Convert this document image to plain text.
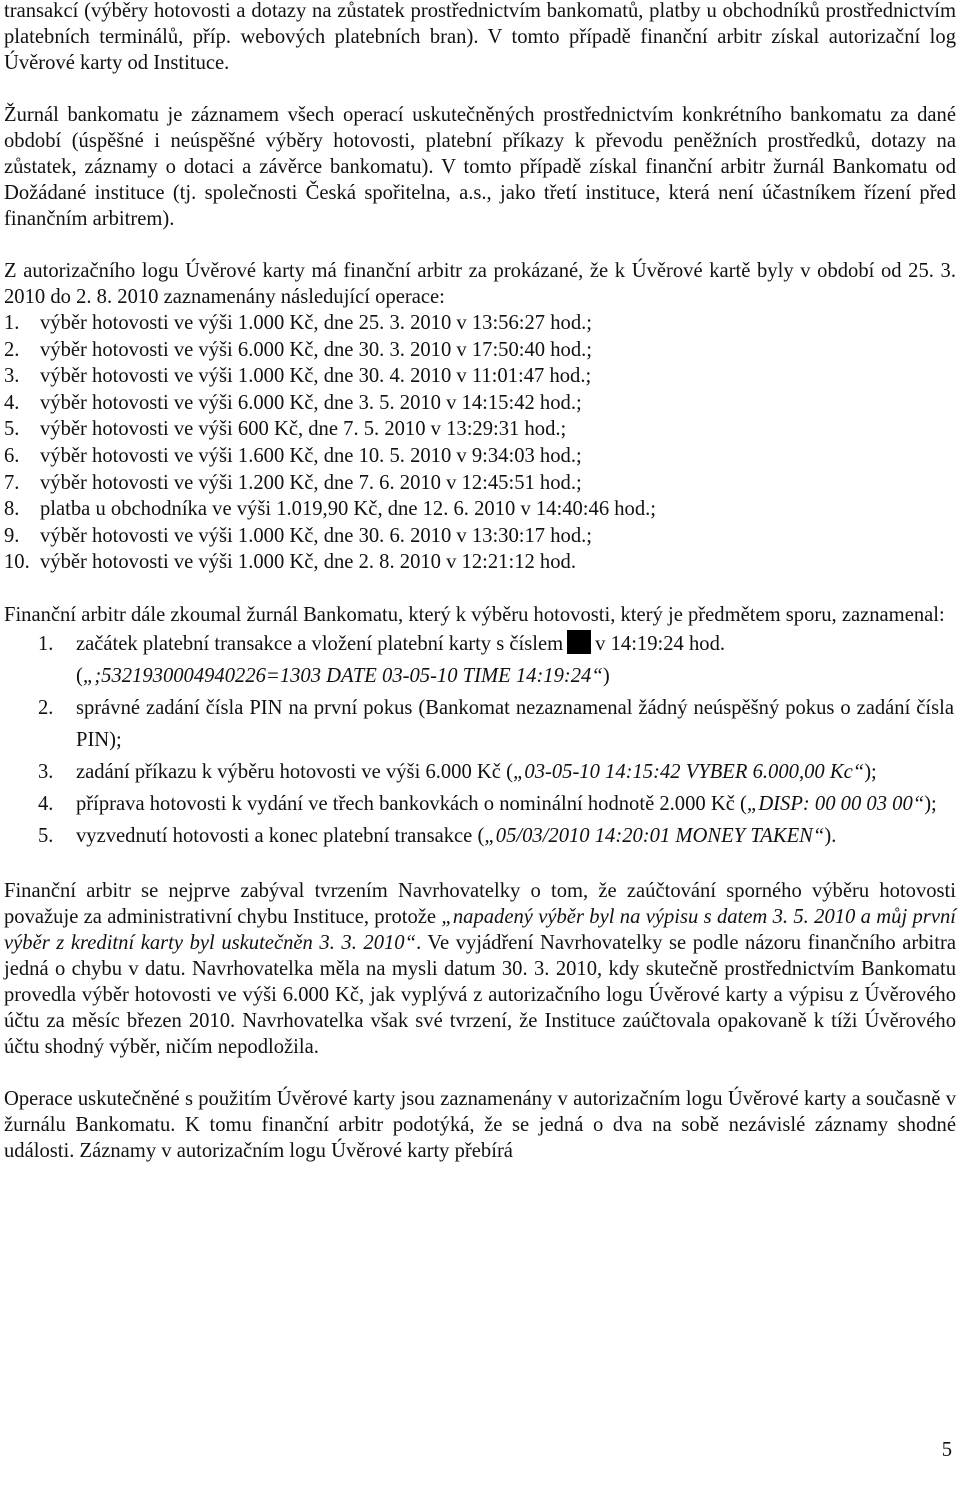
transakcí (výběry hotovosti a dotazy na zůstatek prostřednictvím bankomatů, platby u obchodníků prostřednictvím platebních terminálů, příp. webových platebních bran). V tomto případě finanční arbitr získal autorizační log Úvěrové karty od Instituce.

Žurnál bankomatu je záznamem všech operací uskutečněných prostřednictvím konkrétního bankomatu za dané období (úspěšné i neúspěšné výběry hotovosti, platební příkazy k převodu peněžních prostředků, dotazy na zůstatek, záznamy o dotaci a závěrce bankomatu). V tomto případě získal finanční arbitr žurnál Bankomatu od Dožádané instituce (tj. společnosti Česká spořitelna, a.s., jako třetí instituce, která není účastníkem řízení před finančním arbitrem).

Z autorizačního logu Úvěrové karty má finanční arbitr za prokázané, že k Úvěrové kartě byly v období od 25. 3. 2010 do 2. 8. 2010 zaznamenány následující operace:

1. výběr hotovosti ve výši 1.000 Kč, dne 25. 3. 2010 v 13:56:27 hod.;
2. výběr hotovosti ve výši 6.000 Kč, dne 30. 3. 2010 v 17:50:40 hod.;
3. výběr hotovosti ve výši 1.000 Kč, dne 30. 4. 2010 v 11:01:47 hod.;
4. výběr hotovosti ve výši 6.000 Kč, dne 3. 5. 2010 v 14:15:42 hod.;
5. výběr hotovosti ve výši 600 Kč, dne 7. 5. 2010 v 13:29:31 hod.;
6. výběr hotovosti ve výši 1.600 Kč, dne 10. 5. 2010 v 9:34:03 hod.;
7. výběr hotovosti ve výši 1.200 Kč, dne 7. 6. 2010 v 12:45:51 hod.;
8. platba u obchodníka ve výši 1.019,90 Kč, dne 12. 6. 2010 v 14:40:46 hod.;
9. výběr hotovosti ve výši 1.000 Kč, dne 30. 6. 2010 v 13:30:17 hod.;
10. výběr hotovosti ve výši 1.000 Kč, dne 2. 8. 2010 v 12:21:12 hod.

Finanční arbitr dále zkoumal žurnál Bankomatu, který k výběru hotovosti, který je předmětem sporu, zaznamenal:

1.	začátek platební transakce a vložení platební karty s číslem v 14:19:24 hod.
(„;5321930004940226=1303 DATE 03-05-10 TIME 14:19:24“)
2.	správné zadání čísla PIN na první pokus (Bankomat nezaznamenal žádný neúspěšný pokus o zadání čísla PIN);
3.	zadání příkazu k výběru hotovosti ve výši 6.000 Kč („03-05-10 14:15:42 VYBER 6.000,00 Kc“);
4.	příprava hotovosti k vydání ve třech bankovkách o nominální hodnotě 2.000 Kč („DISP: 00 00 03 00“);
5.	vyzvednutí hotovosti a konec platební transakce („05/03/2010 14:20:01 MONEY TAKEN“).

Finanční arbitr se nejprve zabýval tvrzením Navrhovatelky o tom, že zaúčtování sporného výběru hotovosti považuje za administrativní chybu Instituce, protože „napadený výběr byl na výpisu s datem 3. 5. 2010 a můj první výběr z kreditní karty byl uskutečněn 3. 3. 2010“. Ve vyjádření Navrhovatelky se podle názoru finančního arbitra jedná o chybu v datu. Navrhovatelka měla na mysli datum 30. 3. 2010, kdy skutečně prostřednictvím Bankomatu provedla výběr hotovosti ve výši 6.000 Kč, jak vyplývá z autorizačního logu Úvěrové karty a výpisu z Úvěrového účtu za měsíc březen 2010. Navrhovatelka však své tvrzení, že Instituce zaúčtovala opakovaně k tíži Úvěrového účtu shodný výběr, ničím nepodložila.

Operace uskutečněné s použitím Úvěrové karty jsou zaznamenány v autorizačním logu Úvěrové karty a současně v žurnálu Bankomatu. K tomu finanční arbitr podotýká, že se jedná o dva na sobě nezávislé záznamy shodné události. Záznamy v autorizačním logu Úvěrové karty přebírá

5
